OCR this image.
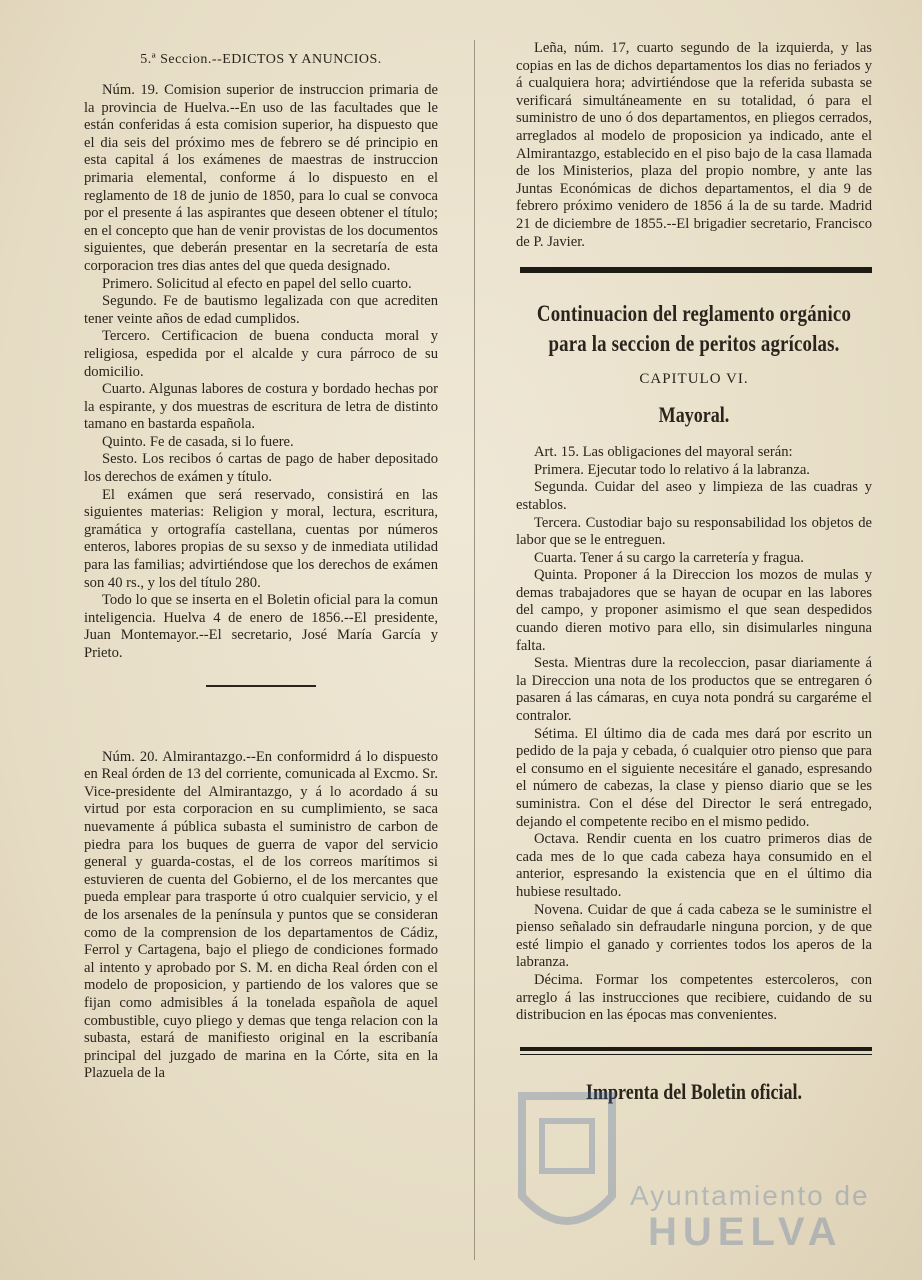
5.ª Seccion.--EDICTOS Y ANUNCIOS.

Núm. 19. Comision superior de instruccion primaria de la provincia de Huelva.--En uso de las facultades que le están conferidas á esta comision superior, ha dispuesto que el dia seis del próximo mes de febrero se dé principio en esta capital á los exámenes de maestras de instruccion primaria elemental, conforme á lo dispuesto en el reglamento de 18 de junio de 1850, para lo cual se convoca por el presente á las aspirantes que deseen obtener el título; en el concepto que han de venir provistas de los documentos siguientes, que deberán presentar en la secretaría de esta corporacion tres dias antes del que queda designado.

Primero. Solicitud al efecto en papel del sello cuarto.

Segundo. Fe de bautismo legalizada con que acrediten tener veinte años de edad cumplidos.

Tercero. Certificacion de buena conducta moral y religiosa, espedida por el alcalde y cura párroco de su domicilio.

Cuarto. Algunas labores de costura y bordado hechas por la espirante, y dos muestras de escritura de letra de distinto tamano en bastarda española.

Quinto. Fe de casada, si lo fuere.

Sesto. Los recibos ó cartas de pago de haber depositado los derechos de exámen y título.

El exámen que será reservado, consistirá en las siguientes materias: Religion y moral, lectura, escritura, gramática y ortografía castellana, cuentas por números enteros, labores propias de su sexso y de inmediata utilidad para las familias; advirtiéndose que los derechos de exámen son 40 rs., y los del título 280.

Todo lo que se inserta en el Boletin oficial para la comun inteligencia. Huelva 4 de enero de 1856.--El presidente, Juan Montemayor.--El secretario, José María García y Prieto.

Núm. 20. Almirantazgo.--En conformidrd á lo dispuesto en Real órden de 13 del corriente, comunicada al Excmo. Sr. Vice-presidente del Almirantazgo, y á lo acordado á su virtud por esta corporacion en su cumplimiento, se saca nuevamente á pública subasta el suministro de carbon de piedra para los buques de guerra de vapor del servicio general y guarda-costas, el de los correos marítimos si estuvieren de cuenta del Gobierno, el de los mercantes que pueda emplear para trasporte ú otro cualquier servicio, y el de los arsenales de la península y puntos que se consideran como de la comprension de los departamentos de Cádiz, Ferrol y Cartagena, bajo el pliego de condiciones formado al intento y aprobado por S. M. en dicha Real órden con el modelo de proposicion, y partiendo de los valores que se fijan como admisibles á la tonelada española de aquel combustible, cuyo pliego y demas que tenga relacion con la subasta, estará de manifiesto original en la escribanía principal del juzgado de marina en la Córte, sita en la Plazuela de la

Leña, núm. 17, cuarto segundo de la izquierda, y las copias en las de dichos departamentos los dias no feriados y á cualquiera hora; advirtiéndose que la referida subasta se verificará simultáneamente en su totalidad, ó para el suministro de uno ó dos departamentos, en pliegos cerrados, arreglados al modelo de proposicion ya indicado, ante el Almirantazgo, establecido en el piso bajo de la casa llamada de los Ministerios, plaza del propio nombre, y ante las Juntas Económicas de dichos departamentos, el dia 9 de febrero próximo venidero de 1856 á la de su tarde. Madrid 21 de diciembre de 1855.--El brigadier secretario, Francisco de P. Javier.

Continuacion del reglamento orgánico para la seccion de peritos agrícolas.
CAPITULO VI.
Mayoral.

Art. 15. Las obligaciones del mayoral serán:

Primera. Ejecutar todo lo relativo á la labranza.

Segunda. Cuidar del aseo y limpieza de las cuadras y establos.

Tercera. Custodiar bajo su responsabilidad los objetos de labor que se le entreguen.

Cuarta. Tener á su cargo la carretería y fragua.

Quinta. Proponer á la Direccion los mozos de mulas y demas trabajadores que se hayan de ocupar en las labores del campo, y proponer asimismo el que sean despedidos cuando dieren motivo para ello, sin disimularles ninguna falta.

Sesta. Mientras dure la recoleccion, pasar diariamente á la Direccion una nota de los productos que se entregaren ó pasaren á las cámaras, en cuya nota pondrá su cargaréme el contralor.

Sétima. El último dia de cada mes dará por escrito un pedido de la paja y cebada, ó cualquier otro pienso que para el consumo en el siguiente necesitáre el ganado, espresando el número de cabezas, la clase y pienso diario que se les suministra. Con el dése del Director le será entregado, dejando el competente recibo en el mismo pedido.

Octava. Rendir cuenta en los cuatro primeros dias de cada mes de lo que cada cabeza haya consumido en el anterior, espresando la existencia que en el último dia hubiese resultado.

Novena. Cuidar de que á cada cabeza se le suministre el pienso señalado sin defraudarle ninguna porcion, y de que esté limpio el ganado y corrientes todos los aperos de la labranza.

Décima. Formar los competentes estercoleros, con arreglo á las instrucciones que recibiere, cuidando de su distribucion en las épocas mas convenientes.

Imprenta del Boletin oficial.
Ayuntamiento de
HUELVA
